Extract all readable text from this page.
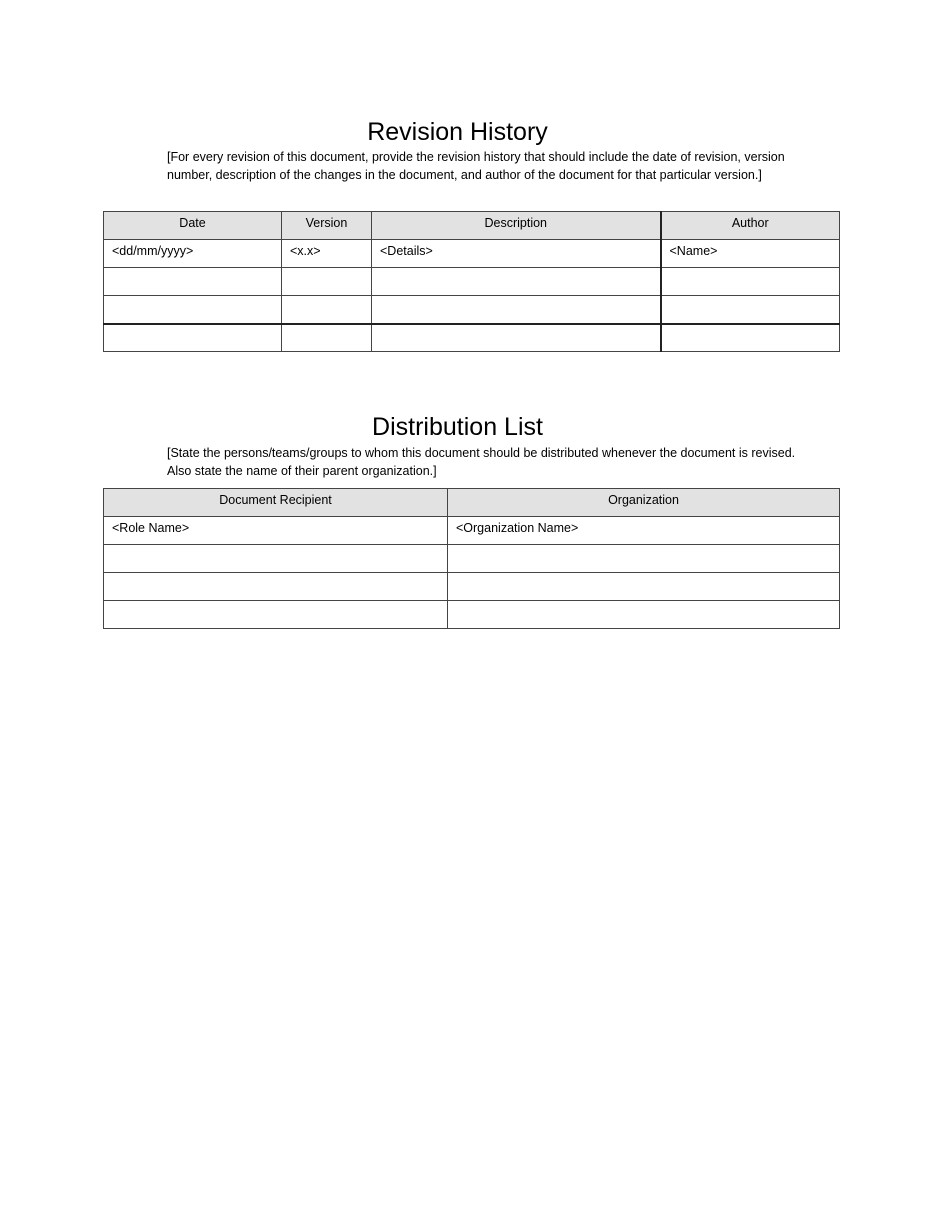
Revision History

[For every revision of this document, provide the revision history that should include the date of revision, version number, description of the changes in the document, and author of the document for that particular version.]

Date	Version	Description	Author
<dd/mm/yyyy>	<x.x>	<Details>	<Name>

Distribution List

[State the persons/teams/groups to whom this document should be distributed whenever the document is revised.     Also state the name of their parent organization.]

Document Recipient	Organization
<Role Name>	<Organization Name>
